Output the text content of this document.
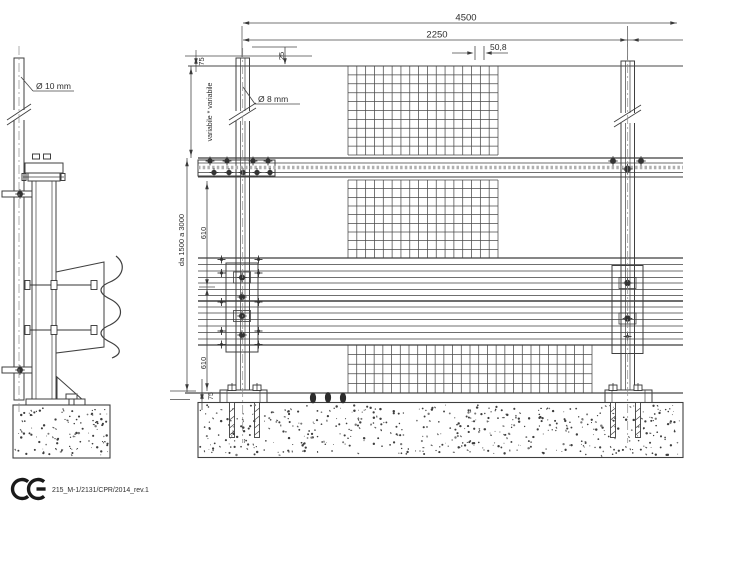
4500
2250
50,8
25
75
variabile * variabile
da 1500 a 3000 610
610
75
Ø 10 mm
Ø 8 mm
215_M-1/2131/CPR/2014_rev.1
